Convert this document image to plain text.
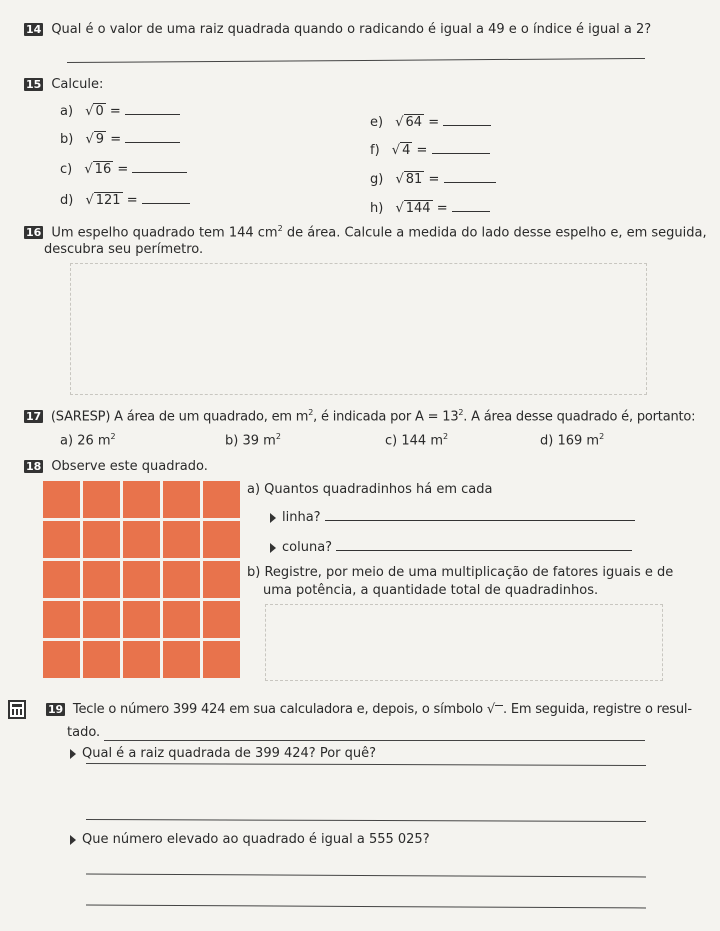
14 Qual é o valor de uma raiz quadrada quando o radicando é igual a 49 e o índice é igual a 2?
15 Calcule:
a) √ 0 =
b) √ 9 =
c) √ 16 =
d) √ 121 =
e) √ 64 =
f) √ 4 =
g) √ 81 =
h) √ 144 =
16 Um espelho quadrado tem 144 $cm^2$ de área. Calcule a medida do lado desse espelho e, em seguida,
descubra seu perímetro.
17 (SARESP) A área de um quadrado, em $m^2$, é indicada por $A = 13^2$. A área desse quadrado é, portanto:
a) 26 $m^2$	b) 39 $m^2$	c) 144 $m^2$	d) 169 $m^2$
18 Observe este quadrado.
a) Quantos quadradinhos há em cada
linha?
coluna?
b) Registre, por meio de uma multiplicação de fatores iguais e de
uma potência, a quantidade total de quadradinhos.
19 Tecle o número 399 424 em sua calculadora e, depois, o símbolo √ . Em seguida, registre o resul-
tado.
Qual é a raiz quadrada de 399 424? Por quê?
Que número elevado ao quadrado é igual a 555 025?
